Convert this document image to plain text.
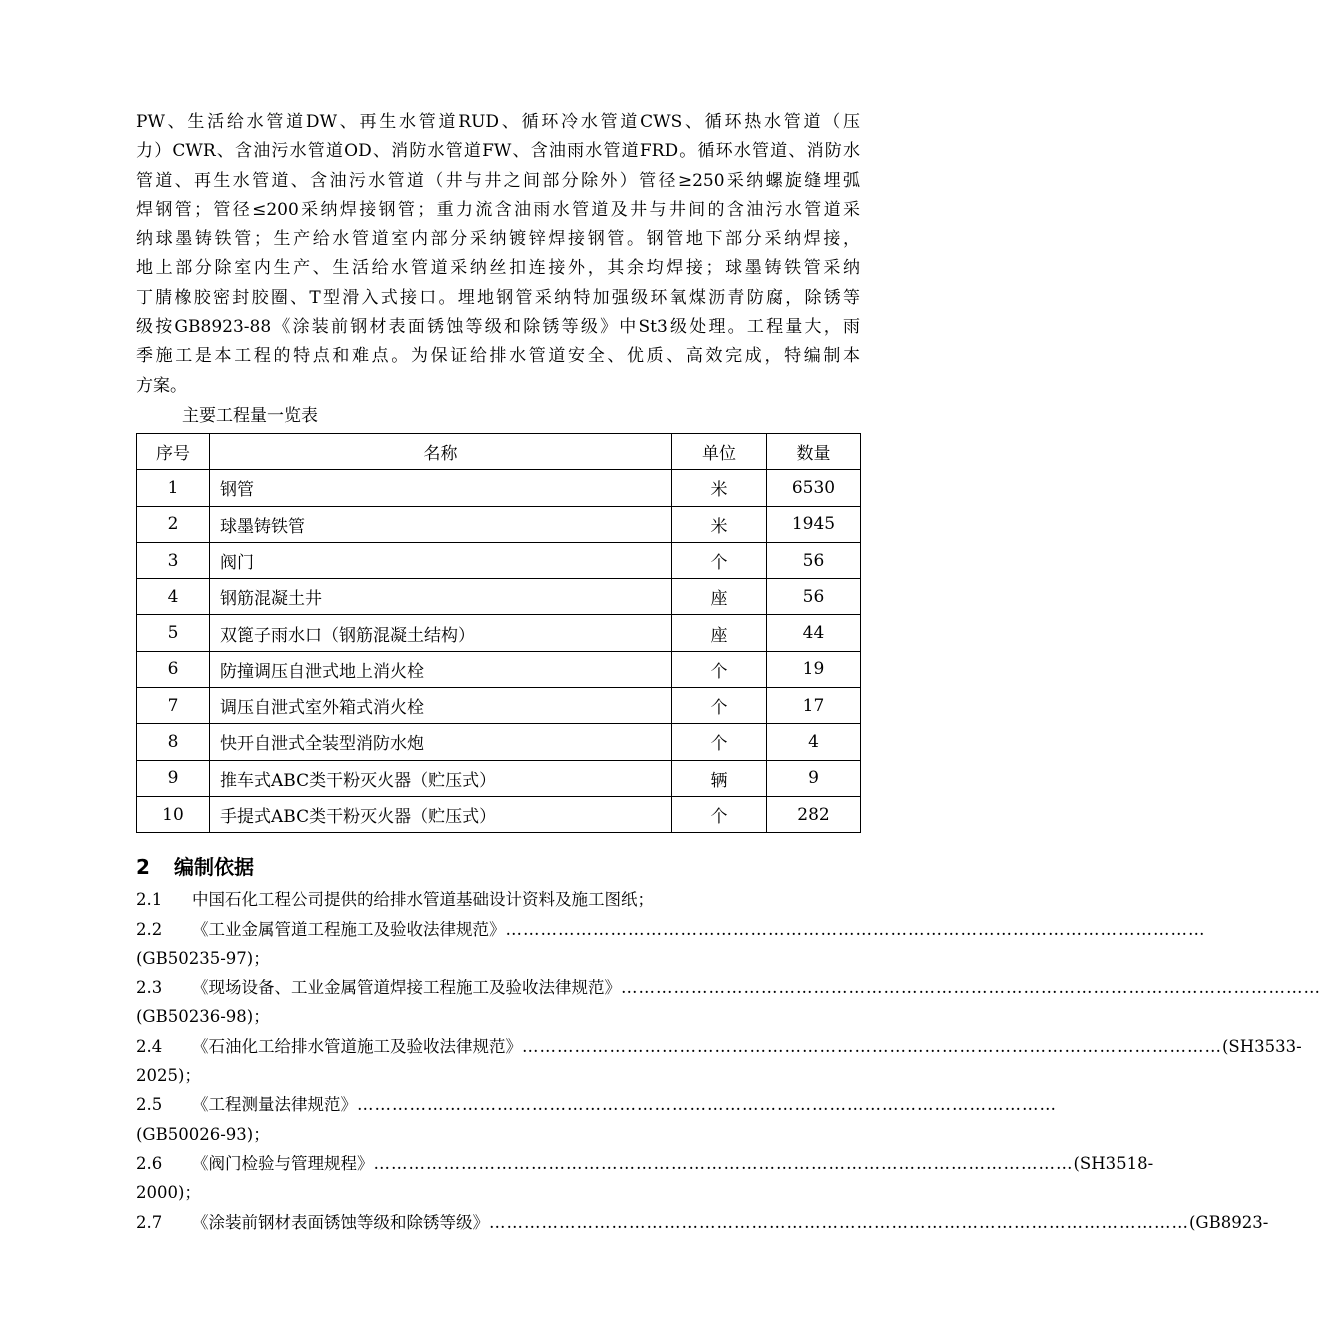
PW、生活给水管道DW、再生水管道RUD、循环冷水管道CWS、循环热水管道（压
力）CWR、含油污水管道OD、消防水管道FW、含油雨水管道FRD。循环水管道、消防水
管道、再生水管道、含油污水管道（井与井之间部分除外）管径≥250采纳螺旋缝埋弧
焊钢管；管径≤200采纳焊接钢管；重力流含油雨水管道及井与井间的含油污水管道采
纳球墨铸铁管；生产给水管道室内部分采纳镀锌焊接钢管。钢管地下部分采纳焊接，
地上部分除室内生产、生活给水管道采纳丝扣连接外，其余均焊接；球墨铸铁管采纳
丁腈橡胶密封胶圈、T型滑入式接口。埋地钢管采纳特加强级环氧煤沥青防腐，除锈等
级按GB8923-88《涂装前钢材表面锈蚀等级和除锈等级》中St3级处理。工程量大，雨
季施工是本工程的特点和难点。为保证给排水管道安全、优质、高效完成，特编制本
方案。
主要工程量一览表
序号	名称	单位	数量
1	钢管	米	6530
2	球墨铸铁管	米	1945
3	阀门	个	56
4	钢筋混凝土井	座	56
5	双篦子雨水口（钢筋混凝土结构）	座	44
6	防撞调压自泄式地上消火栓	个	19
7	调压自泄式室外箱式消火栓	个	17
8	快开自泄式全装型消防水炮	个	4
9	推车式ABC类干粉灭火器（贮压式）	辆	9
10	手提式ABC类干粉灭火器（贮压式）	个	282
2 编制依据
2.1	中国石化工程公司提供的给排水管道基础设计资料及施工图纸；
2.2	《工业金属管道工程施工及验收法律规范》 …………………………………………………………………………………………………………
(GB50235-97)；
2.3	《现场设备、工业金属管道焊接工程施工及验收法律规范》 …………………………………………………………………………………………………………
(GB50236-98)；
2.4	《石油化工给排水管道施工及验收法律规范》 ………………………………………………………………………………………………………… (SH3533-
2025)；
2.5	《工程测量法律规范》 …………………………………………………………………………………………………………
(GB50026-93)；
2.6	《阀门检验与管理规程》 ………………………………………………………………………………………………………… (SH3518-
2000)；
2.7	《涂装前钢材表面锈蚀等级和除锈等级》 ………………………………………………………………………………………………………… (GB8923-
